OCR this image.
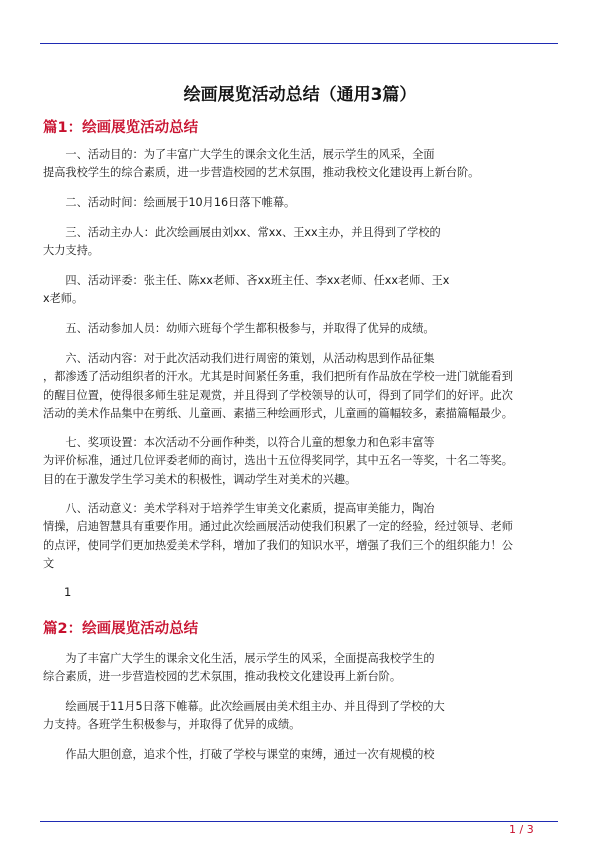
绘画展览活动总结（通用3篇）
篇1：绘画展览活动总结
　　一、活动目的：为了丰富广大学生的课余文化生活，展示学生的风采，全面
提高我校学生的综合素质，进一步营造校园的艺术氛围，推动我校文化建设再上新台阶。
　　二、活动时间：绘画展于10月16日落下帷幕。
　　三、活动主办人：此次绘画展由刘xx、常xx、王xx主办，并且得到了学校的
大力支持。
　　四、活动评委：张主任、陈xx老师、吝xx班主任、李xx老师、任xx老师、王x
x老师。
　　五、活动参加人员：幼师六班每个学生都积极参与，并取得了优异的成绩。
　　六、活动内容：对于此次活动我们进行周密的策划，从活动构思到作品征集
，都渗透了活动组织者的汗水。尤其是时间紧任务重，我们把所有作品放在学校一进门就能看到
的醒目位置，使得很多师生驻足观赏，并且得到了学校领导的认可，得到了同学们的好评。此次
活动的美术作品集中在剪纸、儿童画、素描三种绘画形式，儿童画的篇幅较多，素描篇幅最少。
　　七、奖项设置：本次活动不分画作种类，以符合儿童的想象力和色彩丰富等
为评价标准，通过几位评委老师的商讨，选出十五位得奖同学，其中五名一等奖，十名二等奖。
目的在于激发学生学习美术的积极性，调动学生对美术的兴趣。
　　八、活动意义：美术学科对于培养学生审美文化素质，提高审美能力，陶冶
情操，启迪智慧具有重要作用。通过此次绘画展活动使我们积累了一定的经验，经过领导、老师
的点评，使同学们更加热爱美术学科，增加了我们的知识水平，增强了我们三个的组织能力！公
文
1
篇2：绘画展览活动总结
　　为了丰富广大学生的课余文化生活，展示学生的风采，全面提高我校学生的
综合素质，进一步营造校园的艺术氛围，推动我校文化建设再上新台阶。
　　绘画展于11月5日落下帷幕。此次绘画展由美术组主办、并且得到了学校的大
力支持。各班学生积极参与，并取得了优异的成绩。
　　作品大胆创意，追求个性，打破了学校与课堂的束缚，通过一次有规模的校
1 / 3
